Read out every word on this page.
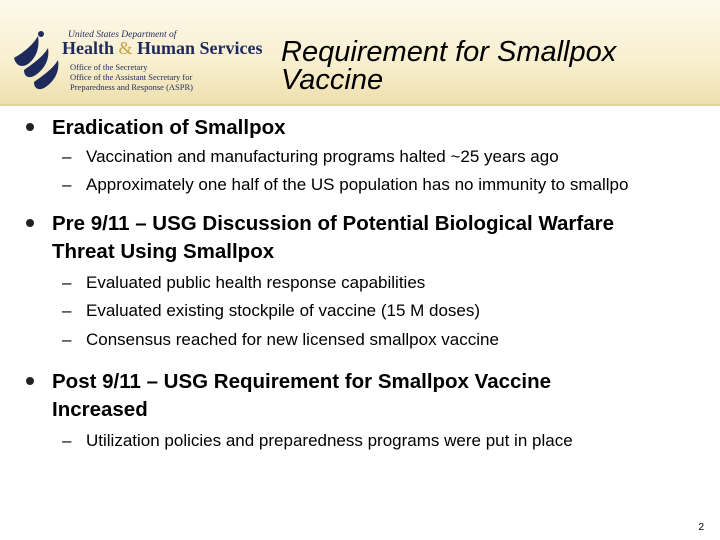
United States Department of
Health & Human Services
Office of the Secretary
Office of the Assistant Secretary for
Preparedness and Response (ASPR)
Requirement for Smallpox
Vaccine
Eradication of Smallpox
– Vaccination and manufacturing programs halted ~25 years ago
– Approximately one half of the US population has no immunity to smallpo
Pre 9/11 – USG Discussion of Potential Biological Warfare
Threat Using Smallpox
– Evaluated public health response capabilities
– Evaluated existing stockpile of vaccine (15 M doses)
– Consensus reached for new licensed smallpox vaccine
Post 9/11 – USG Requirement for Smallpox Vaccine
Increased
– Utilization policies and preparedness programs were put in place
2
